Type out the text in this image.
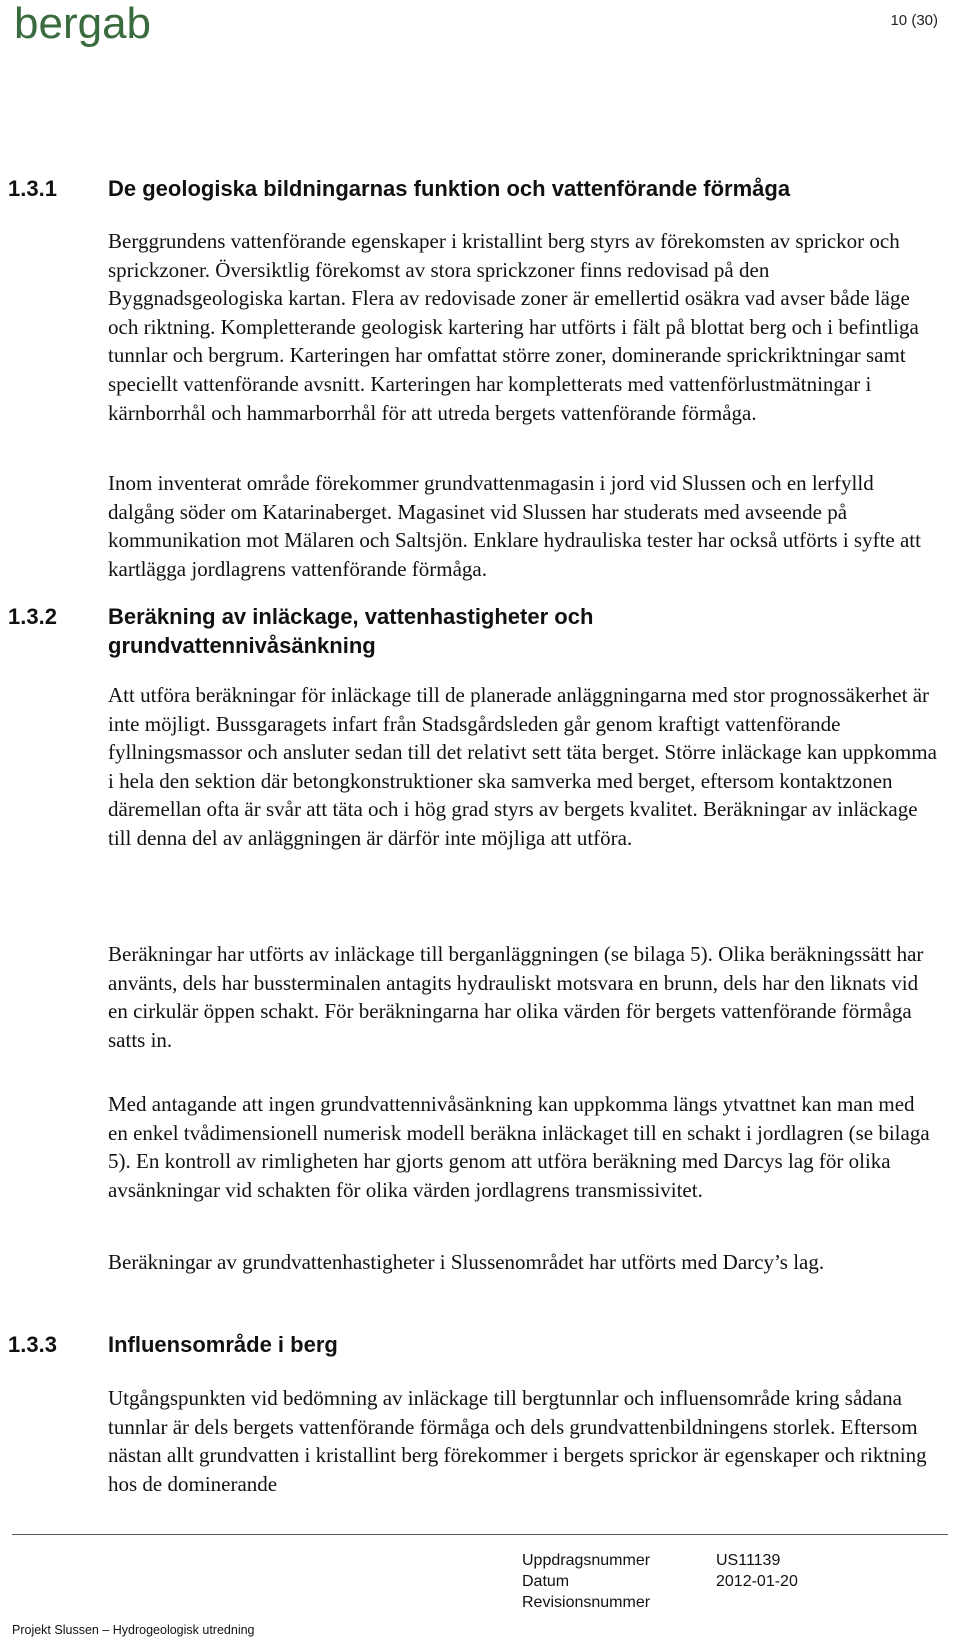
bergab	10 (30)
1.3.1 De geologiska bildningarnas funktion och vattenförande förmåga

Berggrundens vattenförande egenskaper i kristallint berg styrs av förekomsten av sprickor och sprickzoner. Översiktlig förekomst av stora sprickzoner finns redovisad på den Byggnadsgeologiska kartan. Flera av redovisade zoner är emellertid osäkra vad avser både läge och riktning. Kompletterande geologisk kartering har utförts i fält på blottat berg och i befintliga tunnlar och bergrum. Karteringen har omfattat större zoner, dominerande sprickriktningar samt speciellt vattenförande avsnitt. Karteringen har kompletterats med vattenförlustmätningar i kärnborrhål och hammarborrhål för att utreda bergets vattenförande förmåga.

Inom inventerat område förekommer grundvattenmagasin i jord vid Slussen och en lerfylld dalgång söder om Katarinaberget. Magasinet vid Slussen har studerats med avseende på kommunikation mot Mälaren och Saltsjön. Enklare hydrauliska tester har också utförts i syfte att kartlägga jordlagrens vattenförande förmåga.

1.3.2 Beräkning av inläckage, vattenhastigheter och grundvattennivåsänkning

Att utföra beräkningar för inläckage till de planerade anläggningarna med stor prognossäkerhet är inte möjligt. Bussgaragets infart från Stadsgårdsleden går genom kraftigt vattenförande fyllningsmassor och ansluter sedan till det relativt sett täta berget. Större inläckage kan uppkomma i hela den sektion där betongkonstruktioner ska samverka med berget, eftersom kontaktzonen däremellan ofta är svår att täta och i hög grad styrs av bergets kvalitet. Beräkningar av inläckage till denna del av anläggningen är därför inte möjliga att utföra.

Beräkningar har utförts av inläckage till berganläggningen (se bilaga 5). Olika beräkningssätt har använts, dels har bussterminalen antagits hydrauliskt motsvara en brunn, dels har den liknats vid en cirkulär öppen schakt. För beräkningarna har olika värden för bergets vattenförande förmåga satts in.

Med antagande att ingen grundvattennivåsänkning kan uppkomma längs ytvattnet kan man med en enkel tvådimensionell numerisk modell beräkna inläckaget till en schakt i jordlagren (se bilaga 5). En kontroll av rimligheten har gjorts genom att utföra beräkning med Darcys lag för olika avsänkningar vid schakten för olika värden jordlagrens transmissivitet.

Beräkningar av grundvattenhastigheter i Slussenområdet har utförts med Darcy’s lag.

1.3.3 Influensområde i berg

Utgångspunkten vid bedömning av inläckage till bergtunnlar och influensområde kring sådana tunnlar är dels bergets vattenförande förmåga och dels grundvattenbildningens storlek. Eftersom nästan allt grundvatten i kristallint berg förekommer i bergets sprickor är egenskaper och riktning hos de dominerande

Uppdragsnummer
Datum
Revisionsnummer
US11139
2012-01-20
Projekt Slussen – Hydrogeologisk utredning
